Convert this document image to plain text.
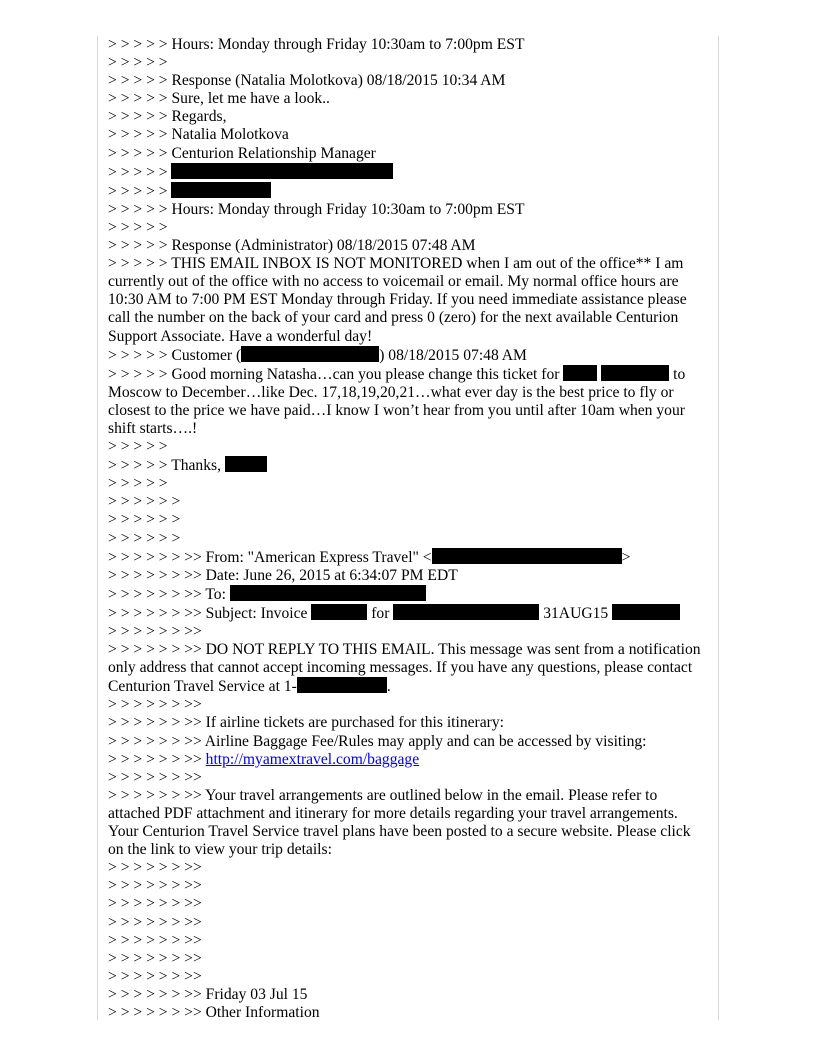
> > > > > Hours: Monday through Friday 10:30am to 7:00pm EST
> > > > >
> > > > > Response (Natalia Molotkova) 08/18/2015 10:34 AM
> > > > > Sure, let me have a look..
> > > > > Regards,
> > > > > Natalia Molotkova
> > > > > Centurion Relationship Manager
> > > > >
> > > > >
> > > > > Hours: Monday through Friday 10:30am to 7:00pm EST
> > > > >
> > > > > Response (Administrator) 08/18/2015 07:48 AM
> > > > > THIS EMAIL INBOX IS NOT MONITORED when I am out of the office** I am currently out of the office with no access to voicemail or email. My normal office hours are 10:30 AM to 7:00 PM EST Monday through Friday. If you need immediate assistance please call the number on the back of your card and press 0 (zero) for the next available Centurion Support Associate. Have a wonderful day!
> > > > > Customer (	) 08/18/2015 07:48 AM
> > > > > Good morning Natasha…can you please change this ticket for	to Moscow to December…like Dec. 17,18,19,20,21…what ever day is the best price to fly or closest to the price we have paid…I know I won’t hear from you until after 10am when your shift starts….!
> > > > >
> > > > > Thanks,
> > > > >
> > > > > >
> > > > > >
> > > > > >
> > > > > > >> From: "American Express Travel" <	>
> > > > > > >> Date: June 26, 2015 at 6:34:07 PM EDT
> > > > > > >> To:
> > > > > > >> Subject: Invoice	for	31AUG15
> > > > > > >>
> > > > > > >> DO NOT REPLY TO THIS EMAIL. This message was sent from a notification only address that cannot accept incoming messages. If you have any questions, please contact Centurion Travel Service at 1-	.
> > > > > > >>
> > > > > > >> If airline tickets are purchased for this itinerary:
> > > > > > >> Airline Baggage Fee/Rules may apply and can be accessed by visiting:
> > > > > > >> http://myamextravel.com/baggage
> > > > > > >>
> > > > > > >> Your travel arrangements are outlined below in the email. Please refer to attached PDF attachment and itinerary for more details regarding your travel arrangements. Your Centurion Travel Service travel plans have been posted to a secure website. Please click on the link to view your trip details:
> > > > > > >>
> > > > > > >>
> > > > > > >>
> > > > > > >>
> > > > > > >>
> > > > > > >>
> > > > > > >>
> > > > > > >> Friday 03 Jul 15
> > > > > > >> Other Information
